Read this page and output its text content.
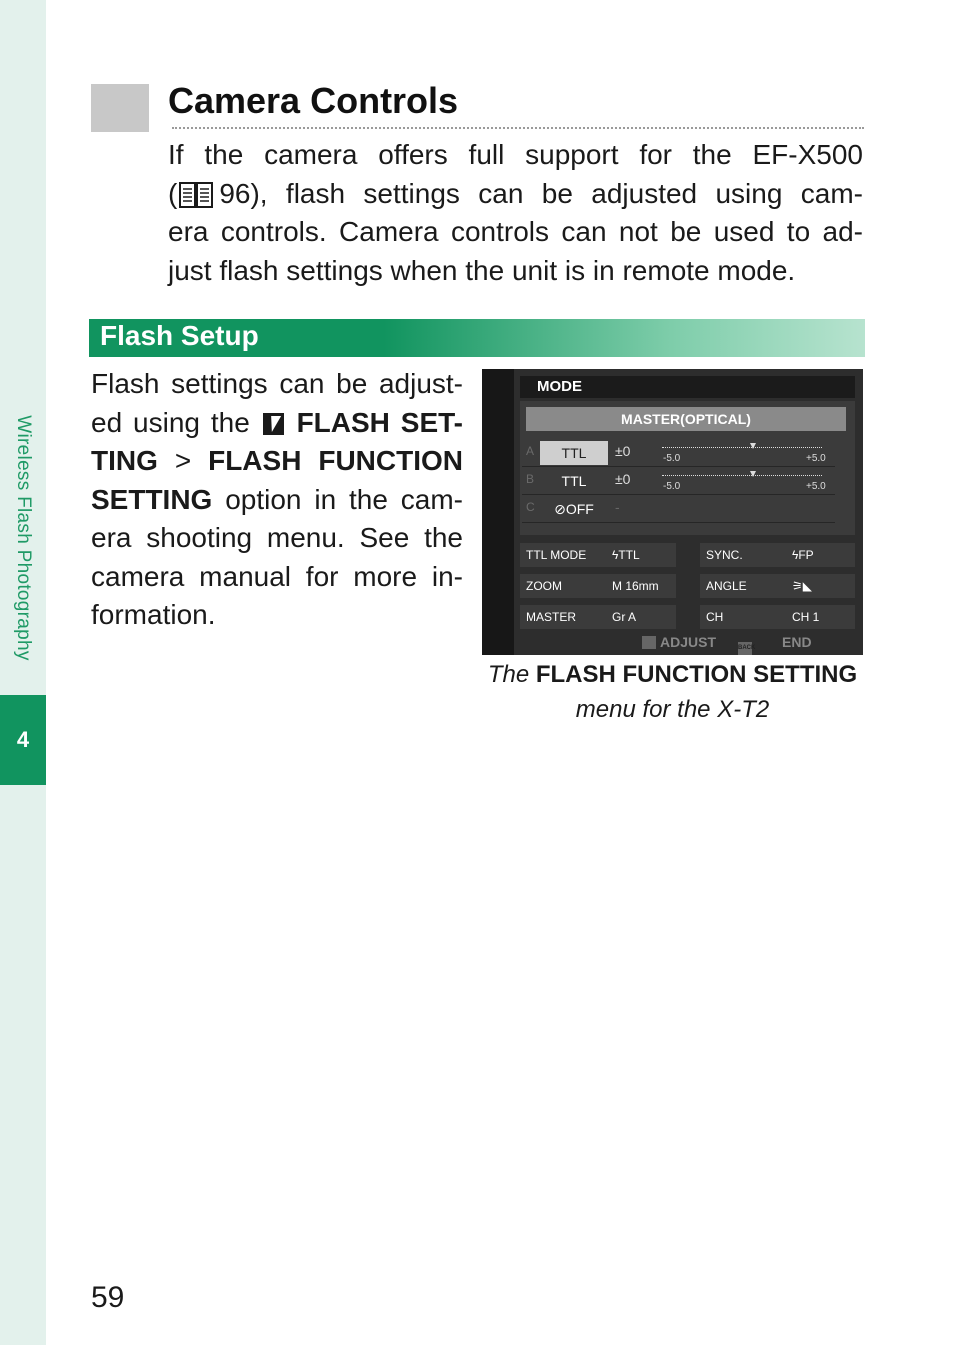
Wireless Flash Photography
4
Camera Controls
If the camera offers full support for the EF-X500
( 96), flash settings can be adjusted using cam-
era controls. Camera controls can not be used to ad-
just flash settings when the unit is in remote mode.
Flash Setup
Flash settings can be adjust-
ed using the FLASH SET-
TING > FLASH FUNCTION
SETTING option in the cam-
era shooting menu. See the
camera manual for more in-
formation.
MODE
MASTER(OPTICAL)
A	TTL	±0	-5.0	+5.0
B	TTL	±0	-5.0	+5.0
C	⊘OFF	-
TTL MODE ϟTTL	SYNC.	ϟFP
ZOOM	M 16mm	ANGLE	⚞◣
MASTER	Gr A	CH	CH 1
ADJUST	BACK END
The FLASH FUNCTION SETTING
menu for the X-T2
59
